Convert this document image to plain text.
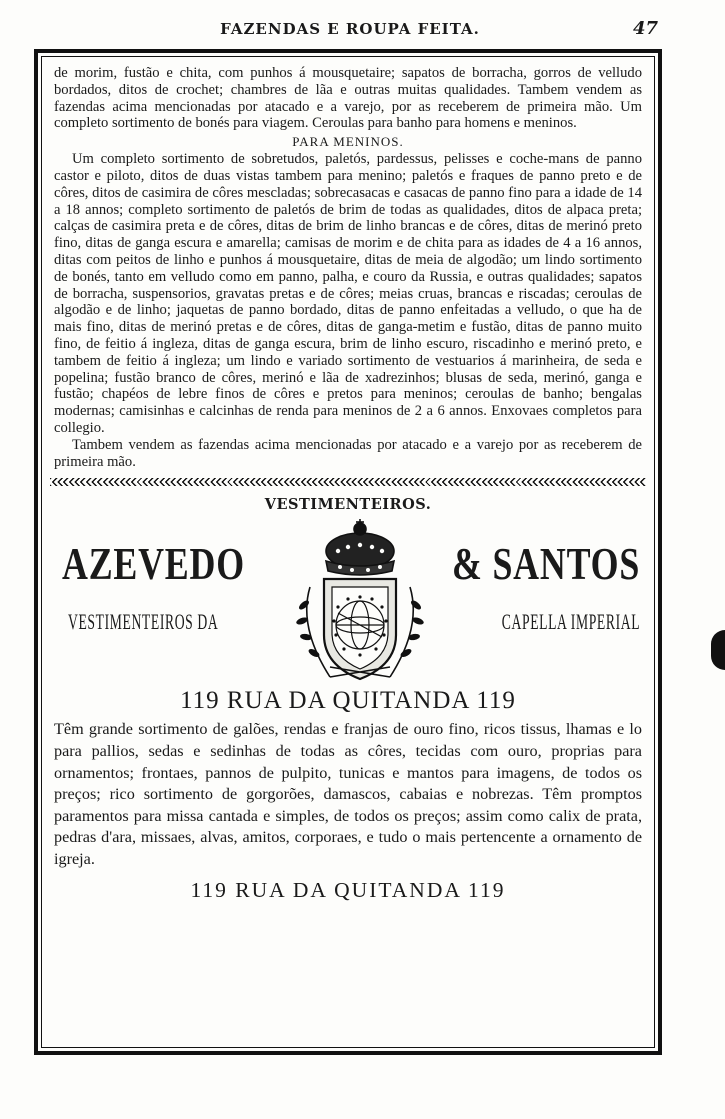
FAZENDAS E ROUPA FEITA.	47

de morim, fustão e chita, com punhos á mousquetaire; sapatos de borracha, gorros de velludo bordados, ditos de crochet; chambres de lãa e outras muitas qualidades. Tambem vendem as fazendas acima mencionadas por atacado e a varejo, por as receberem de primeira mão. Um completo sortimento de bonés para viagem. Ceroulas para banho para homens e meninos.

PARA MENINOS.

Um completo sortimento de sobretudos, paletós, pardessus, pelisses e coche-mans de panno castor e piloto, ditos de duas vistas tambem para menino; paletós e fraques de panno preto e de côres, ditos de casimira de côres mescladas; sobrecasacas e casacas de panno fino para a idade de 14 a 18 annos; completo sortimento de paletós de brim de todas as qualidades, ditos de alpaca preta; calças de casimira preta e de côres, ditas de brim de linho brancas e de côres, ditas de merinó preto fino, ditas de ganga escura e amarella; camisas de morim e de chita para as idades de 4 a 16 annos, ditas com peitos de linho e punhos á mousquetaire, ditas de meia de algodão; um lindo sortimento de bonés, tanto em velludo como em panno, palha, e couro da Russia, e outras qualidades; sapatos de borracha, suspensorios, gravatas pretas e de côres; meias cruas, brancas e riscadas; ceroulas de algodão e de linho; jaquetas de panno bordado, ditas de panno enfeitadas a velludo, o que ha de mais fino, ditas de merinó pretas e de côres, ditas de ganga-metim e fustão, ditas de panno muito fino, de feitio á ingleza, ditas de ganga escura, brim de linho escuro, riscadinho e merinó preto, e tambem de feitio á ingleza; um lindo e variado sortimento de vestuarios á marinheira, de seda e popelina; fustão branco de côres, merinó e lãa de xadrezinhos; blusas de seda, merinó, ganga e fustão; chapéos de lebre finos de côres e pretos para meninos; ceroulas de banho; bengalas modernas; camisinhas e calcinhas de renda para meninos de 2 a 6 annos. Enxovaes completos para collegio.

Tambem vendem as fazendas acima mencionadas por atacado e a varejo por as receberem de primeira mão.

VESTIMENTEIROS.
AZEVEDO	& SANTOS
VESTIMENTEIROS DA	CAPELLA IMPERIAL
119 RUA DA QUITANDA 119

Têm grande sortimento de galões, rendas e franjas de ouro fino, ricos tissus, lhamas e lo para pallios, sedas e sedinhas de todas as côres, tecidas com ouro, proprias para ornamentos; frontaes, pannos de pulpito, tunicas e mantos para imagens, de todos os preços; rico sortimento de gorgorões, damascos, cabaias e nobrezas. Têm promptos paramentos para missa cantada e simples, de todos os preços; assim como calix de prata, pedras d'ara, missaes, alvas, amitos, corporaes, e tudo o mais pertencente a ornamento de igreja.

119 RUA DA QUITANDA 119
